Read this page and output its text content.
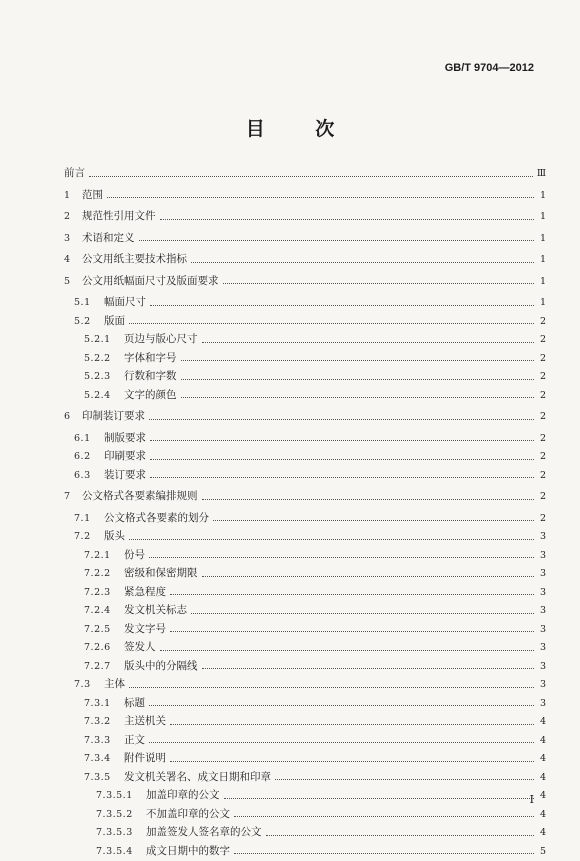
GB/T 9704—2012
目 次
前言	Ⅲ
1	范围	1
2	规范性引用文件	1
3	术语和定义	1
4	公文用纸主要技术指标	1
5	公文用纸幅面尺寸及版面要求	1
5.1	幅面尺寸	1
5.2	版面	2
5.2.1	页边与版心尺寸	2
5.2.2	字体和字号	2
5.2.3	行数和字数	2
5.2.4	文字的颜色	2
6	印制装订要求	2
6.1	制版要求	2
6.2	印刷要求	2
6.3	装订要求	2
7	公文格式各要素编排规则	2
7.1	公文格式各要素的划分	2
7.2	版头	3
7.2.1	份号	3
7.2.2	密级和保密期限	3
7.2.3	紧急程度	3
7.2.4	发文机关标志	3
7.2.5	发文字号	3
7.2.6	签发人	3
7.2.7	版头中的分隔线	3
7.3	主体	3
7.3.1	标题	3
7.3.2	主送机关	4
7.3.3	正文	4
7.3.4	附件说明	4
7.3.5	发文机关署名、成文日期和印章	4
7.3.5.1	加盖印章的公文	4
7.3.5.2	不加盖印章的公文	4
7.3.5.3	加盖签发人签名章的公文	4
7.3.5.4	成文日期中的数字	5
Ⅰ
